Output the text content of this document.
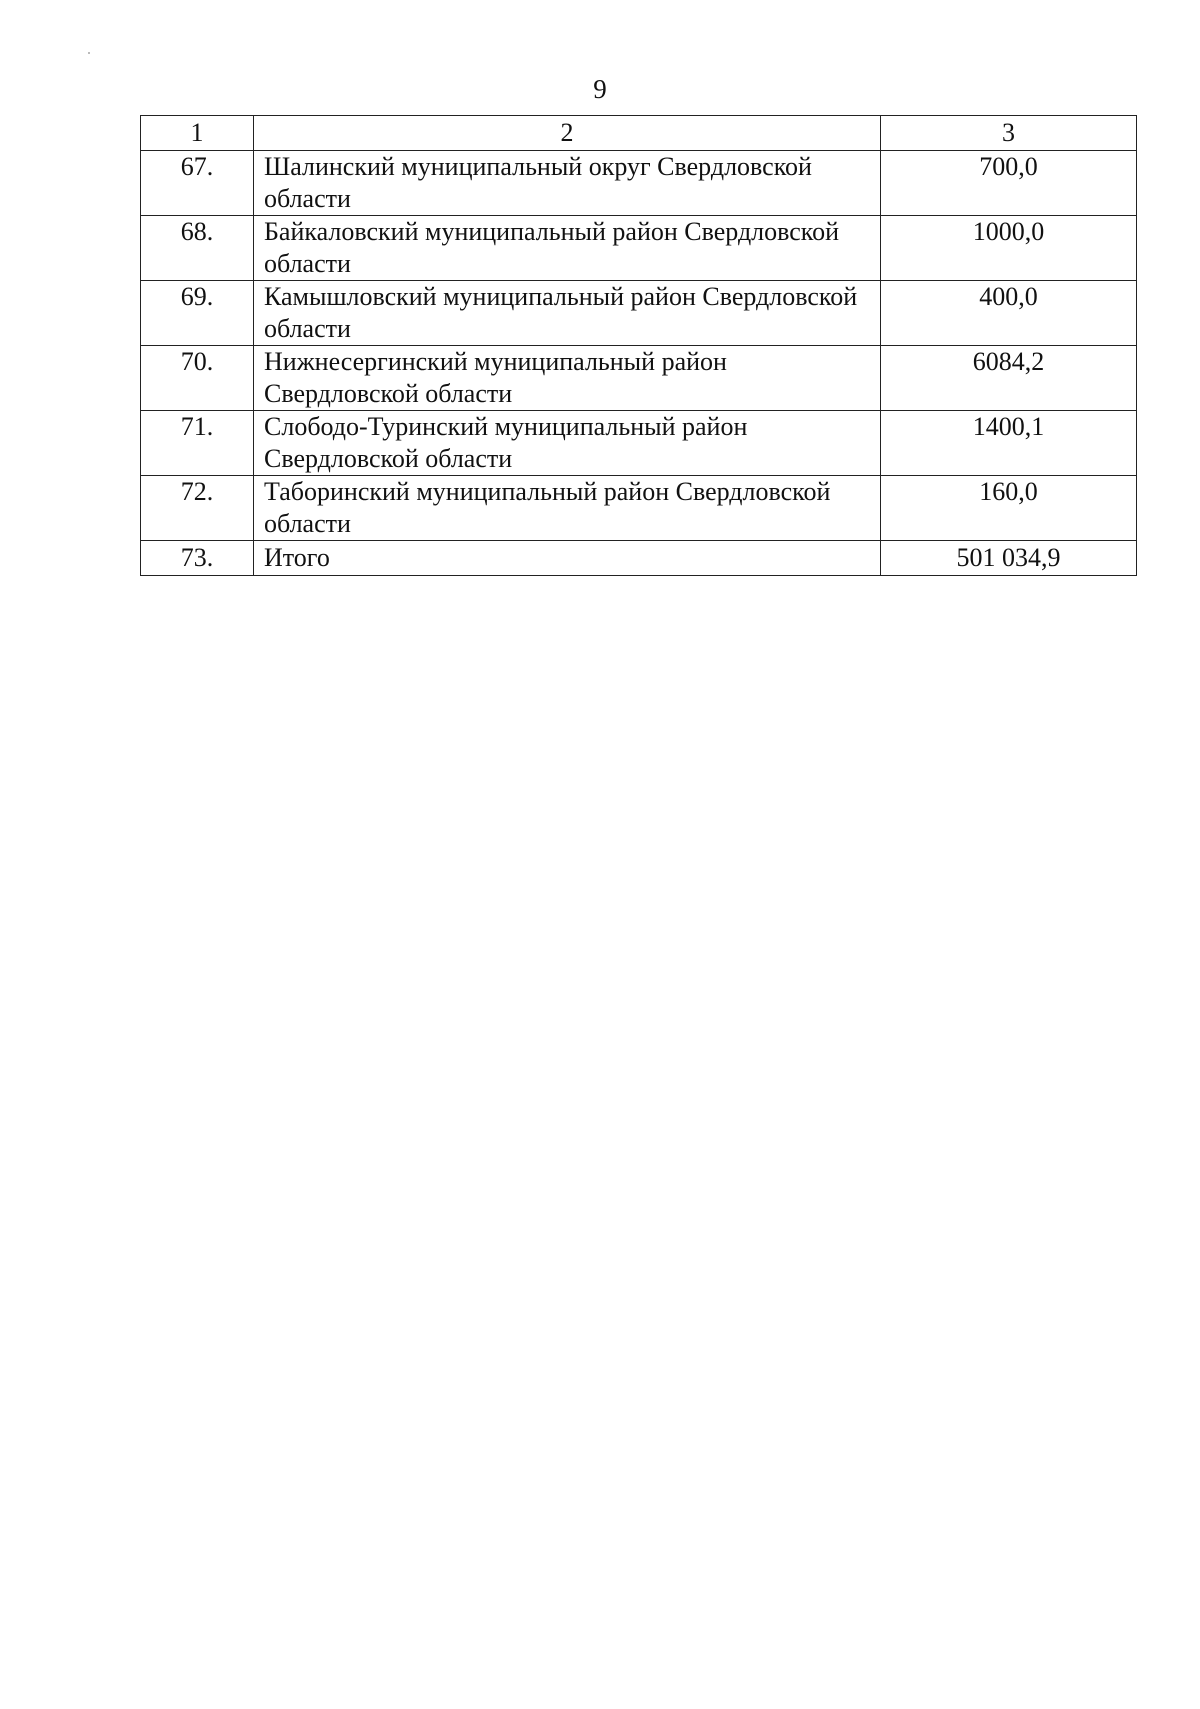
9
1	2	3
67.	Шалинский муниципальный округ Свердловской области	700,0
68.	Байкаловский муниципальный район Свердловской области	1000,0
69.	Камышловский муниципальный район Свердловской области	400,0
70.	Нижнесергинский муниципальный район Свердловской области	6084,2
71.	Слободо-Туринский муниципальный район Свердловской области	1400,1
72.	Таборинский муниципальный район Свердловской области	160,0
73.	Итого	501 034,9
